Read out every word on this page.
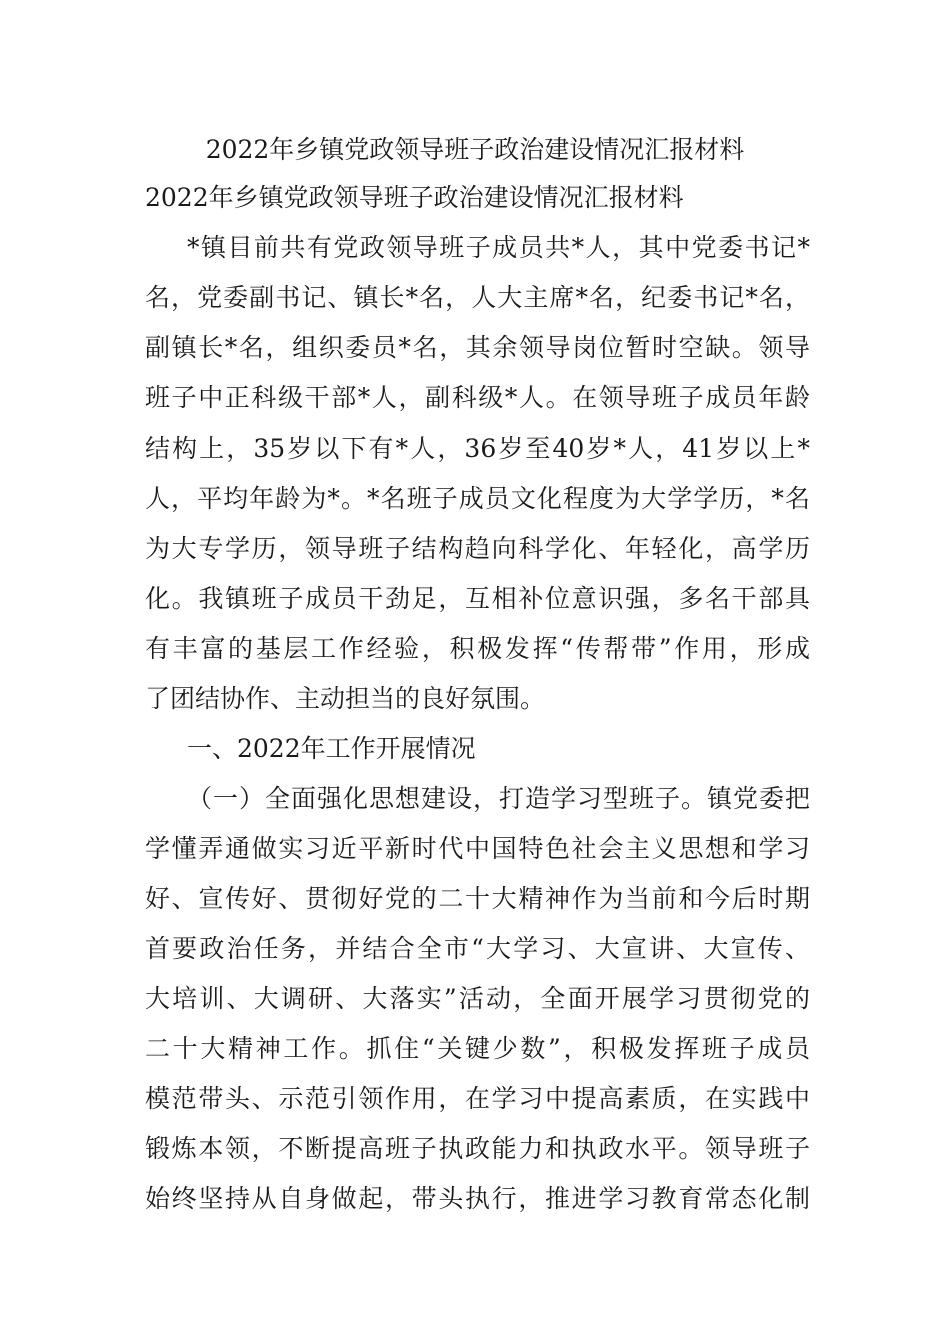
2022年乡镇党政领导班子政治建设情况汇报材料
2022年乡镇党政领导班子政治建设情况汇报材料
*镇目前共有党政领导班子成员共*人，其中党委书记*
名，党委副书记、镇长*名，人大主席*名，纪委书记*名，
副镇长*名，组织委员*名，其余领导岗位暂时空缺。领导
班子中正科级干部*人，副科级*人。在领导班子成员年龄
结构上，35岁以下有*人，36岁至40岁*人，41岁以上*
人，平均年龄为*。*名班子成员文化程度为大学学历，*名
为大专学历，领导班子结构趋向科学化、年轻化，高学历
化。我镇班子成员干劲足，互相补位意识强，多名干部具
有丰富的基层工作经验，积极发挥“传帮带”作用，形成
了团结协作、主动担当的良好氛围。
一、2022年工作开展情况
（一）全面强化思想建设，打造学习型班子。镇党委把
学懂弄通做实习近平新时代中国特色社会主义思想和学习
好、宣传好、贯彻好党的二十大精神作为当前和今后时期
首要政治任务，并结合全市“大学习、大宣讲、大宣传、
大培训、大调研、大落实”活动，全面开展学习贯彻党的
二十大精神工作。抓住“关键少数”，积极发挥班子成员
模范带头、示范引领作用，在学习中提高素质，在实践中
锻炼本领，不断提高班子执政能力和执政水平。领导班子
始终坚持从自身做起，带头执行，推进学习教育常态化制
